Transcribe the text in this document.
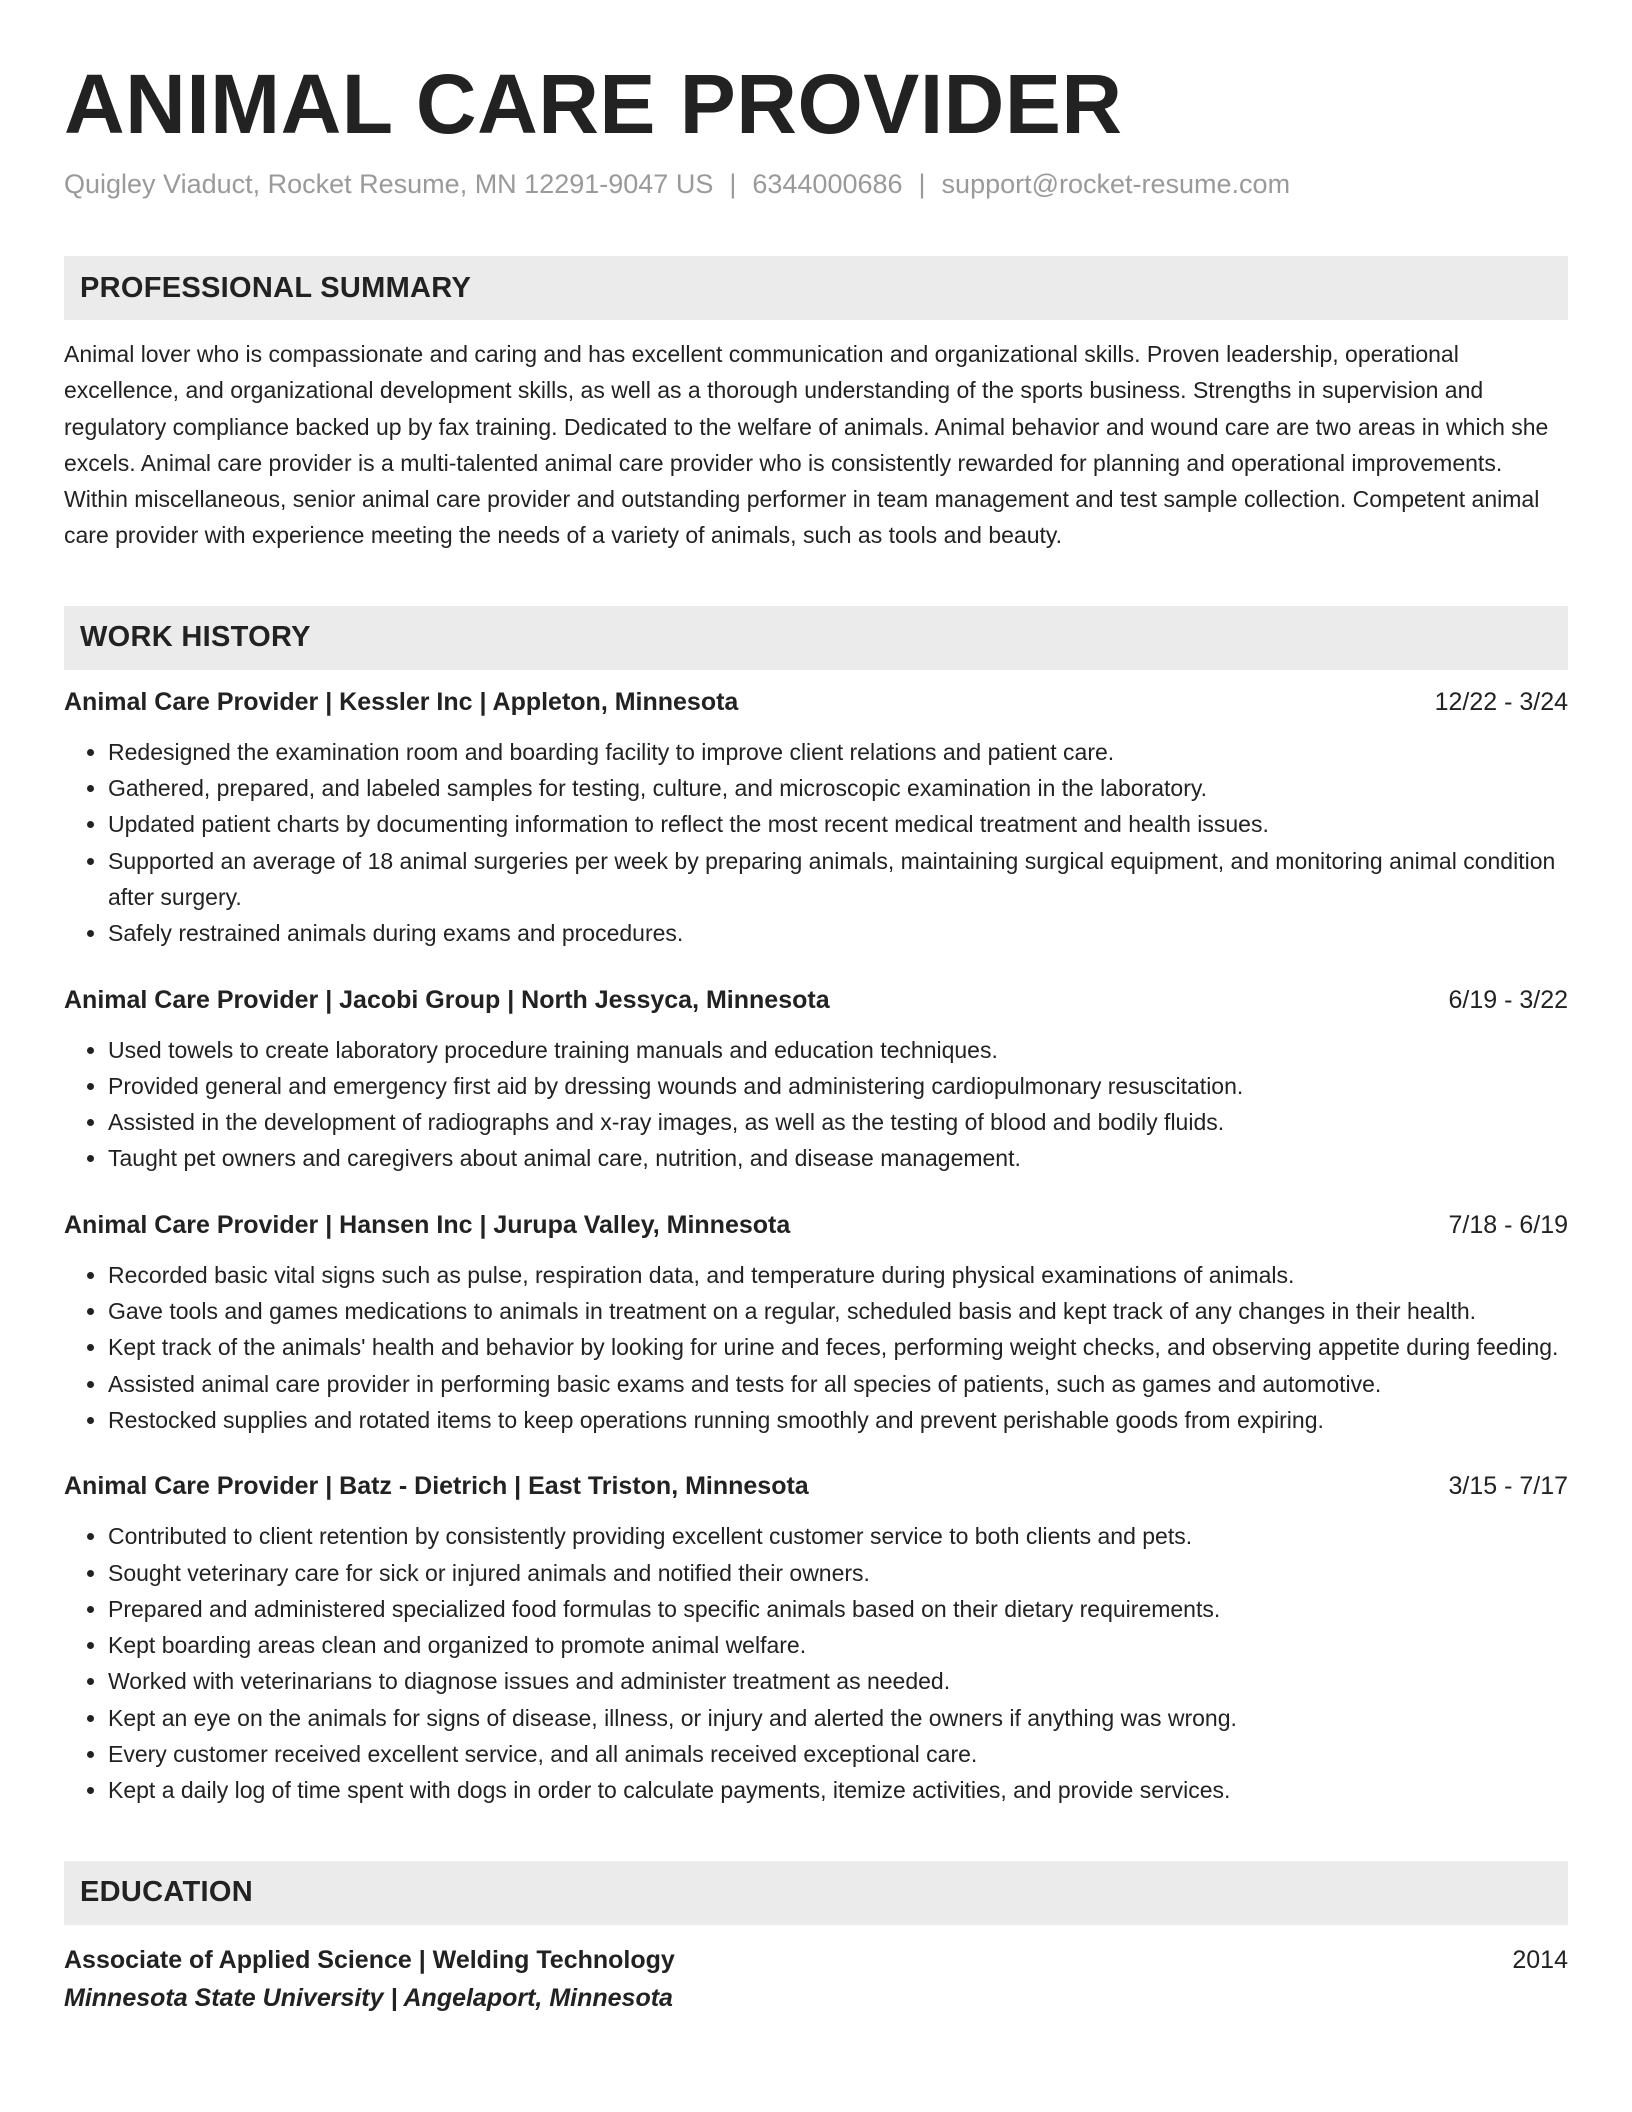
ANIMAL CARE PROVIDER
Quigley Viaduct, Rocket Resume, MN 12291-9047 US | 6344000686 | support@rocket-resume.com
PROFESSIONAL SUMMARY

Animal lover who is compassionate and caring and has excellent communication and organizational skills. Proven leadership, operational excellence, and organizational development skills, as well as a thorough understanding of the sports business. Strengths in supervision and regulatory compliance backed up by fax training. Dedicated to the welfare of animals. Animal behavior and wound care are two areas in which she excels. Animal care provider is a multi-talented animal care provider who is consistently rewarded for planning and operational improvements. Within miscellaneous, senior animal care provider and outstanding performer in team management and test sample collection. Competent animal care provider with experience meeting the needs of a variety of animals, such as tools and beauty.

WORK HISTORY
Animal Care Provider | Kessler Inc | Appleton, Minnesota	12/22 - 3/24
• Redesigned the examination room and boarding facility to improve client relations and patient care.
• Gathered, prepared, and labeled samples for testing, culture, and microscopic examination in the laboratory.
• Updated patient charts by documenting information to reflect the most recent medical treatment and health issues.
• Supported an average of 18 animal surgeries per week by preparing animals, maintaining surgical equipment, and monitoring animal condition after surgery.
• Safely restrained animals during exams and procedures.
Animal Care Provider | Jacobi Group | North Jessyca, Minnesota	6/19 - 3/22
• Used towels to create laboratory procedure training manuals and education techniques.
• Provided general and emergency first aid by dressing wounds and administering cardiopulmonary resuscitation.
• Assisted in the development of radiographs and x-ray images, as well as the testing of blood and bodily fluids.
• Taught pet owners and caregivers about animal care, nutrition, and disease management.
Animal Care Provider | Hansen Inc | Jurupa Valley, Minnesota	7/18 - 6/19
• Recorded basic vital signs such as pulse, respiration data, and temperature during physical examinations of animals.
• Gave tools and games medications to animals in treatment on a regular, scheduled basis and kept track of any changes in their health.
• Kept track of the animals' health and behavior by looking for urine and feces, performing weight checks, and observing appetite during feeding.
• Assisted animal care provider in performing basic exams and tests for all species of patients, such as games and automotive.
• Restocked supplies and rotated items to keep operations running smoothly and prevent perishable goods from expiring.
Animal Care Provider | Batz - Dietrich | East Triston, Minnesota	3/15 - 7/17
• Contributed to client retention by consistently providing excellent customer service to both clients and pets.
• Sought veterinary care for sick or injured animals and notified their owners.
• Prepared and administered specialized food formulas to specific animals based on their dietary requirements.
• Kept boarding areas clean and organized to promote animal welfare.
• Worked with veterinarians to diagnose issues and administer treatment as needed.
• Kept an eye on the animals for signs of disease, illness, or injury and alerted the owners if anything was wrong.
• Every customer received excellent service, and all animals received exceptional care.
• Kept a daily log of time spent with dogs in order to calculate payments, itemize activities, and provide services.
EDUCATION
Associate of Applied Science | Welding Technology	2014
Minnesota State University | Angelaport, Minnesota
